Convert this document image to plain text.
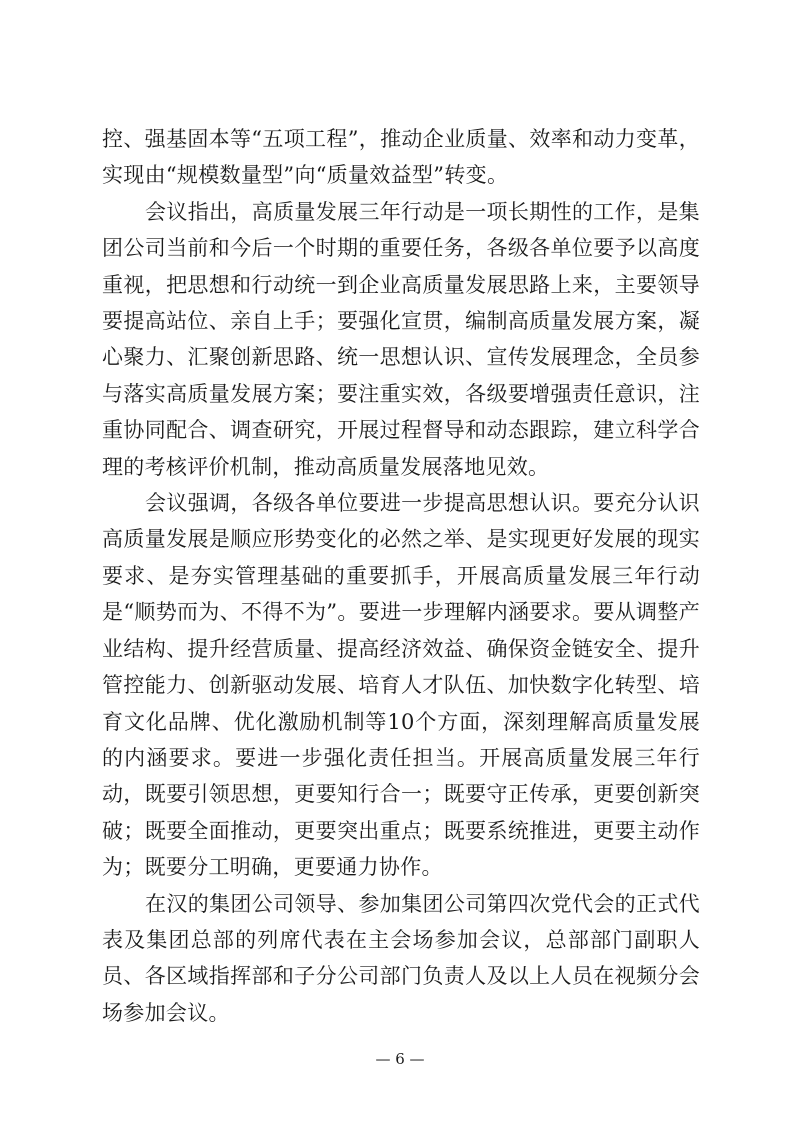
控、强基固本等“五项工程”，推动企业质量、效率和动力变革，实现由“规模数量型”向“质量效益型”转变。

会议指出，高质量发展三年行动是一项长期性的工作，是集团公司当前和今后一个时期的重要任务，各级各单位要予以高度重视，把思想和行动统一到企业高质量发展思路上来，主要领导要提高站位、亲自上手；要强化宣贯，编制高质量发展方案，凝心聚力、汇聚创新思路、统一思想认识、宣传发展理念，全员参与落实高质量发展方案；要注重实效，各级要增强责任意识，注重协同配合、调查研究，开展过程督导和动态跟踪，建立科学合理的考核评价机制，推动高质量发展落地见效。

会议强调，各级各单位要进一步提高思想认识。要充分认识高质量发展是顺应形势变化的必然之举、是实现更好发展的现实要求、是夯实管理基础的重要抓手，开展高质量发展三年行动是“顺势而为、不得不为”。要进一步理解内涵要求。要从调整产业结构、提升经营质量、提高经济效益、确保资金链安全、提升管控能力、创新驱动发展、培育人才队伍、加快数字化转型、培育文化品牌、优化激励机制等10个方面，深刻理解高质量发展的内涵要求。要进一步强化责任担当。开展高质量发展三年行动，既要引领思想，更要知行合一；既要守正传承，更要创新突破；既要全面推动，更要突出重点；既要系统推进，更要主动作为；既要分工明确，更要通力协作。

在汉的集团公司领导、参加集团公司第四次党代会的正式代表及集团总部的列席代表在主会场参加会议，总部部门副职人员、各区域指挥部和子分公司部门负责人及以上人员在视频分会场参加会议。

— 6 —
